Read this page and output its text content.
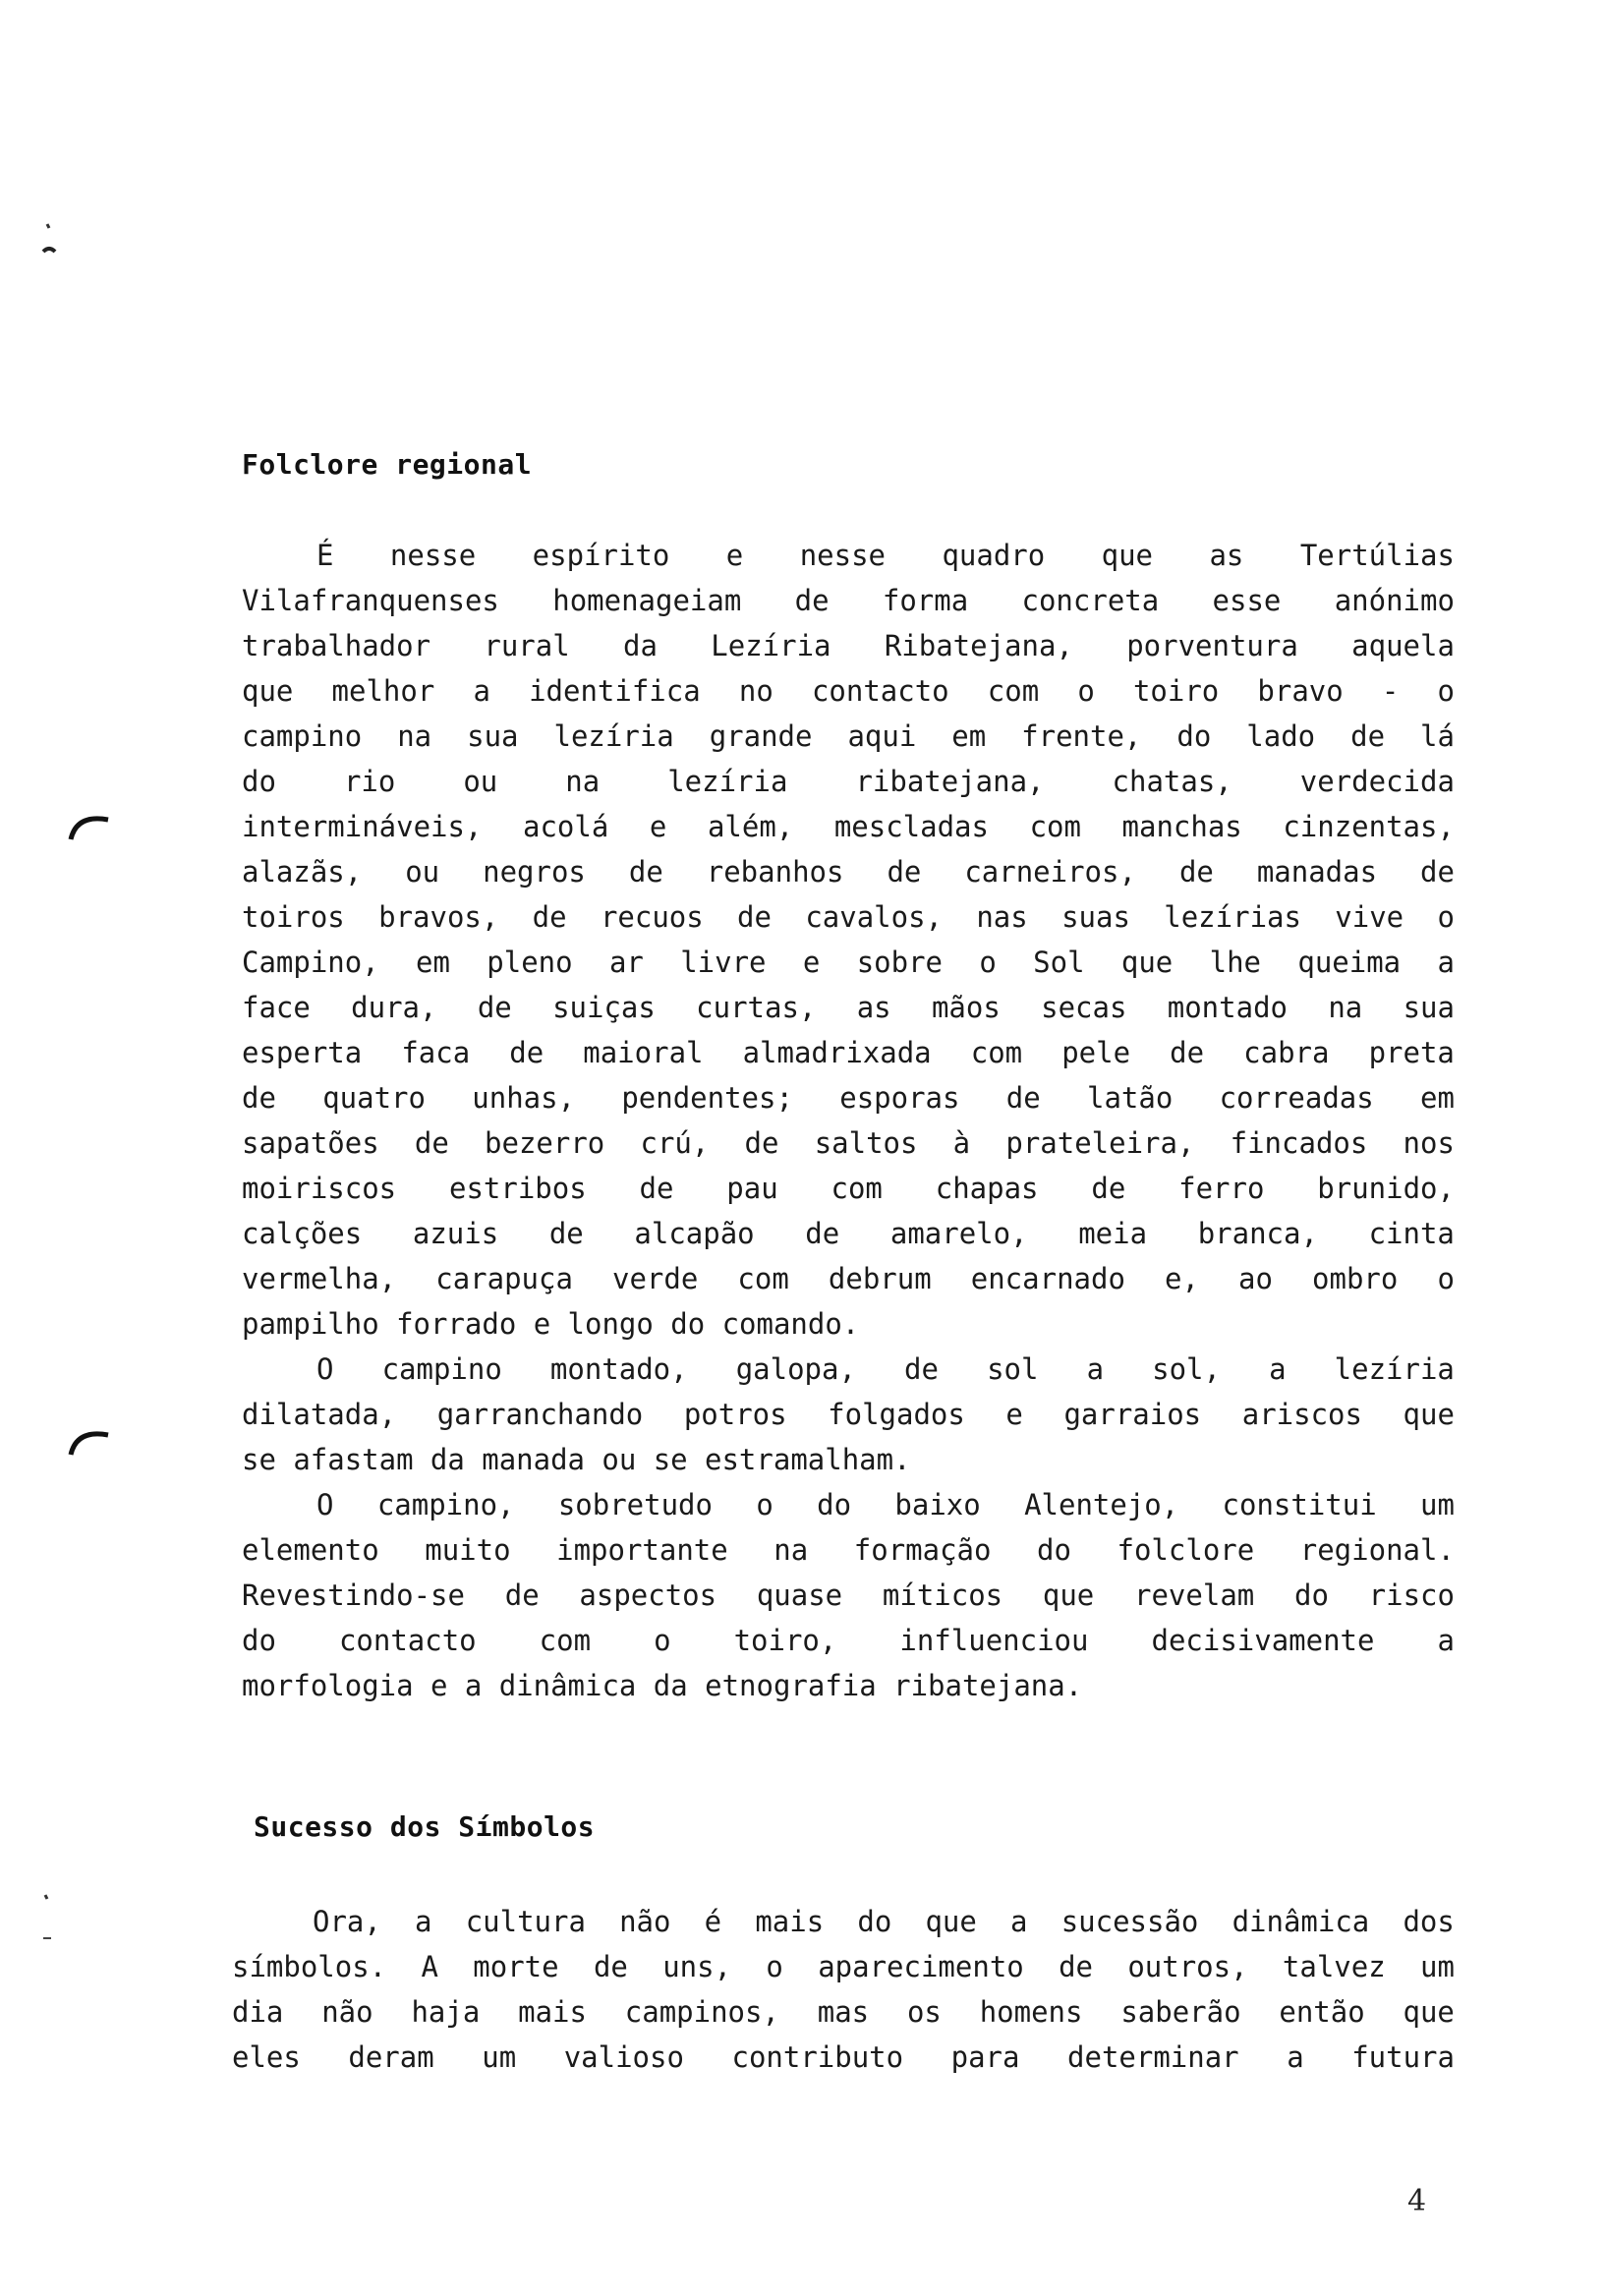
Folclore regional
É nesse espírito e nesse quadro que as Tertúlias
Vilafranquenses homenageiam de forma concreta esse anónimo
trabalhador rural da Lezíria Ribatejana, porventura aquela
que melhor a identifica no contacto com o toiro bravo - o
campino na sua lezíria grande aqui em frente, do lado de lá
do rio ou na lezíria ribatejana, chatas, verdecida
intermináveis, acolá e além, mescladas com manchas cinzentas,
alazãs, ou negros de rebanhos de carneiros, de manadas de
toiros bravos, de recuos de cavalos, nas suas lezírias vive o
Campino, em pleno ar livre e sobre o Sol que lhe queima a
face dura, de suiças curtas, as mãos secas montado na sua
esperta faca de maioral almadrixada com pele de cabra preta
de quatro unhas, pendentes; esporas de latão correadas em
sapatões de bezerro crú, de saltos à prateleira, fincados nos
moiriscos estribos de pau com chapas de ferro brunido,
calções azuis de alcapão de amarelo, meia branca, cinta
vermelha, carapuça verde com debrum encarnado e, ao ombro o
pampilho forrado e longo do comando.
O campino montado, galopa, de sol a sol, a lezíria
dilatada, garranchando potros folgados e garraios ariscos que
se afastam da manada ou se estramalham.
O campino, sobretudo o do baixo Alentejo, constitui um
elemento muito importante na formação do folclore regional.
Revestindo-se de aspectos quase míticos que revelam do risco
do contacto com o toiro, influenciou decisivamente a
morfologia e a dinâmica da etnografia ribatejana.
Sucesso dos Símbolos
Ora, a cultura não é mais do que a sucessão dinâmica dos
símbolos. A morte de uns, o aparecimento de outros, talvez um
dia não haja mais campinos, mas os homens saberão então que
eles deram um valioso contributo para determinar a futura
4
